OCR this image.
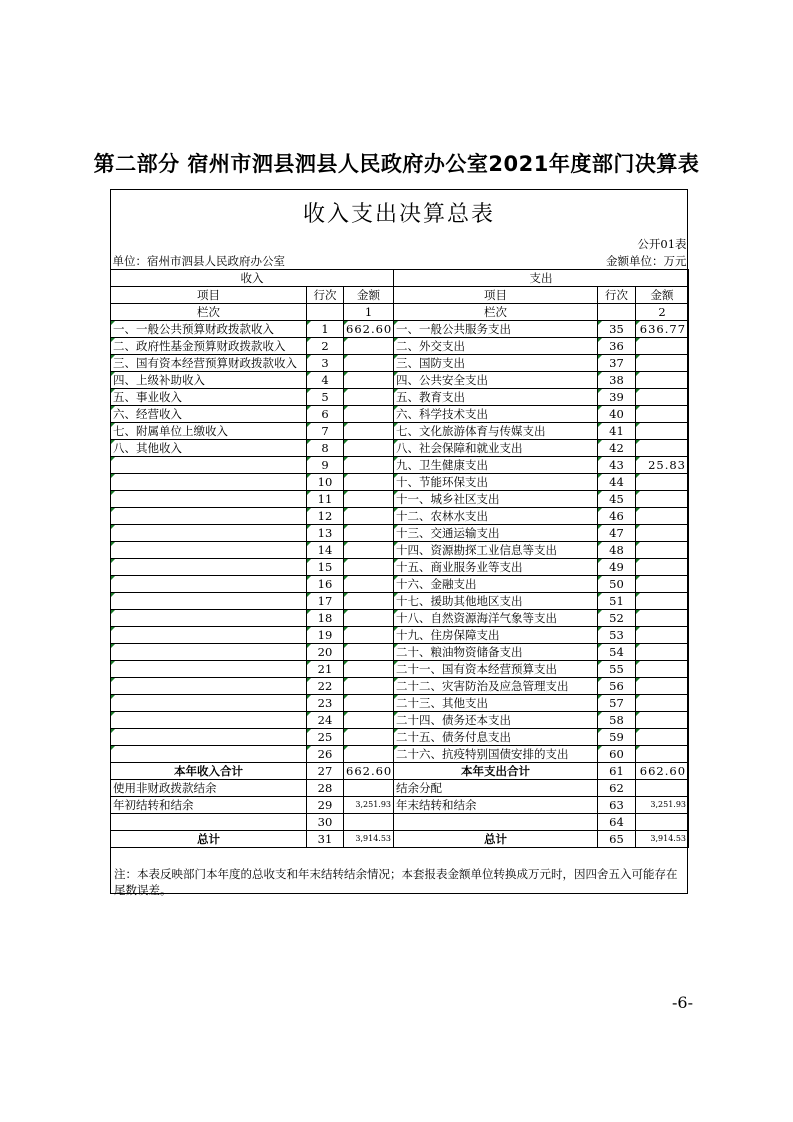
第二部分 宿州市泗县泗县人民政府办公室2021年度部门决算表
收入支出决算总表
				公开01表	
单位：宿州市泗县人民政府办公室			金额单位：万元		
收入			支出		
项目	行次	金额	项目	行次	金额
栏次		1	栏次		2
一、一般公共预算财政拨款收入	1	662.60	一、一般公共服务支出	35	636.77
二、政府性基金预算财政拨款收入	2		二、外交支出	36	
三、国有资本经营预算财政拨款收入	3		三、国防支出	37	
四、上级补助收入	4		四、公共安全支出	38	
五、事业收入	5		五、教育支出	39	
六、经营收入	6		六、科学技术支出	40	
七、附属单位上缴收入	7		七、文化旅游体育与传媒支出	41	
八、其他收入	8		八、社会保障和就业支出	42	
	9		九、卫生健康支出	43	25.83
	10		十、节能环保支出	44	
	11		十一、城乡社区支出	45	
	12		十二、农林水支出	46	
	13		十三、交通运输支出	47	
	14		十四、资源勘探工业信息等支出	48	
	15		十五、商业服务业等支出	49	
	16		十六、金融支出	50	
	17		十七、援助其他地区支出	51	
	18		十八、自然资源海洋气象等支出	52	
	19		十九、住房保障支出	53	
	20		二十、粮油物资储备支出	54	
	21		二十一、国有资本经营预算支出	55	
	22		二十二、灾害防治及应急管理支出	56	
	23		二十三、其他支出	57	
	24		二十四、债务还本支出	58	
	25		二十五、债务付息支出	59	
	26		二十六、抗疫特别国债安排的支出	60	
本年收入合计	27	662.60	本年支出合计	61	662.60
使用非财政拨款结余	28		结余分配	62	
年初结转和结余	29	3,251.93	年末结转和结余	63	3,251.93
	30			64	
总计	31	3,914.53	总计	65	3,914.53
注：本表反映部门本年度的总收支和年末结转结余情况；本套报表金额单位转换成万元时，因四舍五入可能存在尾数误差。
-6-
